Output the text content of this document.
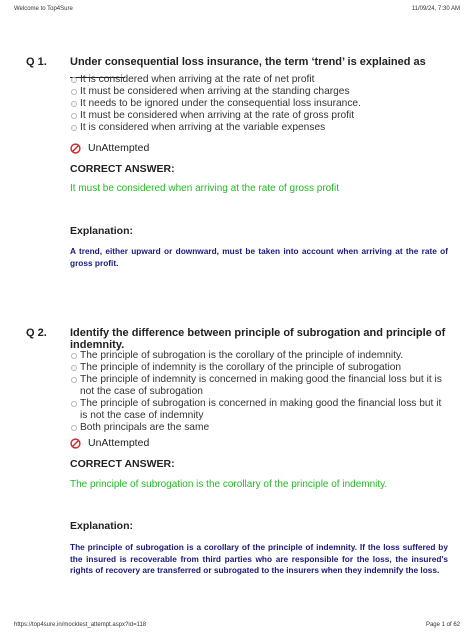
Welcome to Top4Sure	11/09/24, 7:30 AM
Q 1. Under consequential loss insurance, the term ‘trend’ is explained as
It is considered when arriving at the rate of net profit
It must be considered when arriving at the standing charges
It needs to be ignored under the consequential loss insurance.
It must be considered when arriving at the rate of gross profit
It is considered when arriving at the variable expenses
UnAttempted
CORRECT ANSWER:
It must be considered when arriving at the rate of gross profit
Explanation:
A trend, either upward or downward, must be taken into account when arriving at the rate of gross profit.
Q 2. Identify the difference between principle of subrogation and principle of indemnity.
The principle of subrogation is the corollary of the principle of indemnity.
The principle of indemnity is the corollary of the principle of subrogation
The principle of indemnity is concerned in making good the financial loss but it is not the case of subrogation
The principle of subrogation is concerned in making good the financial loss but it is not the case of indemnity
Both principals are the same
UnAttempted
CORRECT ANSWER:
The principle of subrogation is the corollary of the principle of indemnity.
Explanation:
The principle of subrogation is a corollary of the principle of indemnity. If the loss suffered by the insured is recoverable from third parties who are responsible for the loss, the insured's rights of recovery are transferred or subrogated to the insurers when they indemnify the loss.
https://top4sure.in/mocktest_attempt.aspx?id=118	Page 1 of 62
